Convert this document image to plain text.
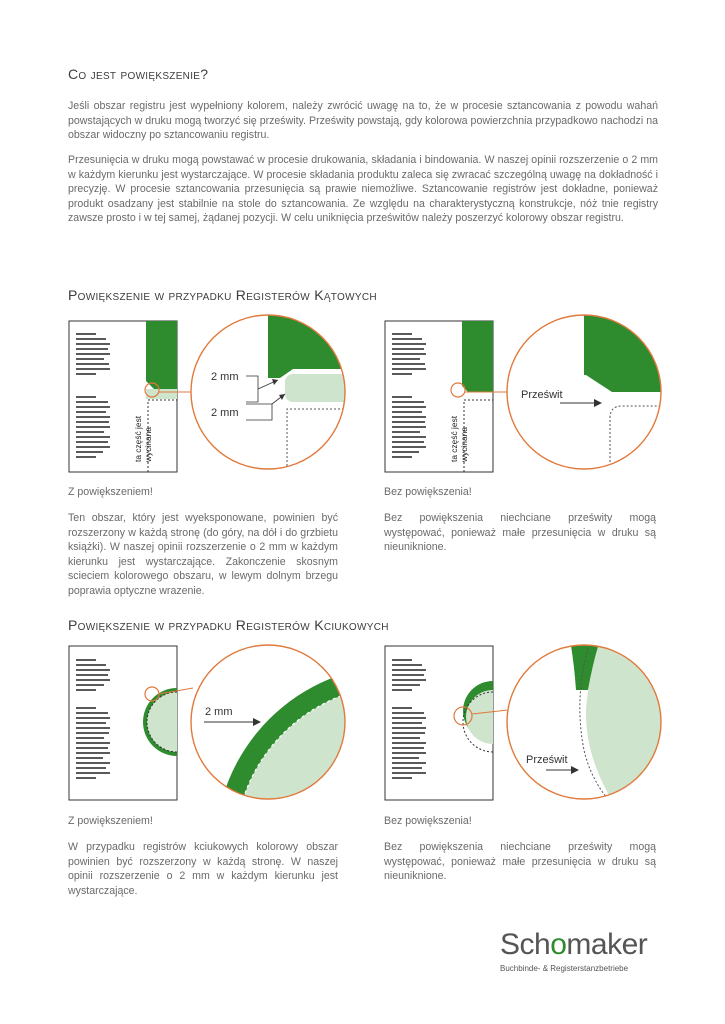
Co jest powiększenie?
Jeśli obszar registru jest wypełniony kolorem, należy zwrócić uwagę na to, że w procesie sztancowania z powodu wahań powstających w druku mogą tworzyć się prześwity. Prześwity powstają, gdy kolorowa powierzchnia przypadkowo nachodzi na obszar widoczny po sztancowaniu registru.
Przesunięcia w druku mogą powstawać w procesie drukowania, składania i bindowania. W naszej opinii rozszerzenie o 2 mm w każdym kierunku jest wystarczające. W procesie składania produktu zaleca się zwracać szczególną uwagę na dokładność i precyzję. W procesie sztancowania przesunięcia są prawie niemożliwe. Sztancowanie registrów jest dokładne, ponieważ produkt osadzany jest stabilnie na stole do sztancowania. Ze względu na charakterystyczną konstrukcje, nóż tnie registry zawsze prosto i w tej samej, żądanej pozycji. W celu uniknięcia prześwitów należy poszerzyć kolorowy obszar registru.
Powiększenie w przypadku Registerów Kątowych
ta część jest wycinana	ta część jest wycinana
2 mm
2 mm
Prześwit
Z powiększeniem!
Ten obszar, który jest wyeksponowane, powinien być rozszerzony w każdą stronę (do góry, na dół i do grzbietu książki). W naszej opinii rozszerzenie o 2 mm w każdym kierunku jest wystarczające. Zakonczenie skosnym scieciem kolorowego obszaru, w lewym dolnym brzegu poprawia optyczne wrazenie.
Bez powiększenia!
Bez powiększenia niechciane prześwity mogą występować, ponieważ małe przesunięcia w druku są nieuniknione.
Powiększenie w przypadku Registerów Kciukowych
2 mm
Prześwit
Z powiększeniem!
W przypadku registrów kciukowych kolorowy obszar powinien być rozszerzony w każdą stronę. W naszej opinii rozszerzenie o 2 mm w każdym kierunku jest wystarczające.
Bez powiększenia!
Bez powiększenia niechciane prześwity mogą występować, ponieważ małe przesunięcia w druku są nieuniknione.
Schomaker
Buchbinde- & Registerstanzbetriebe
